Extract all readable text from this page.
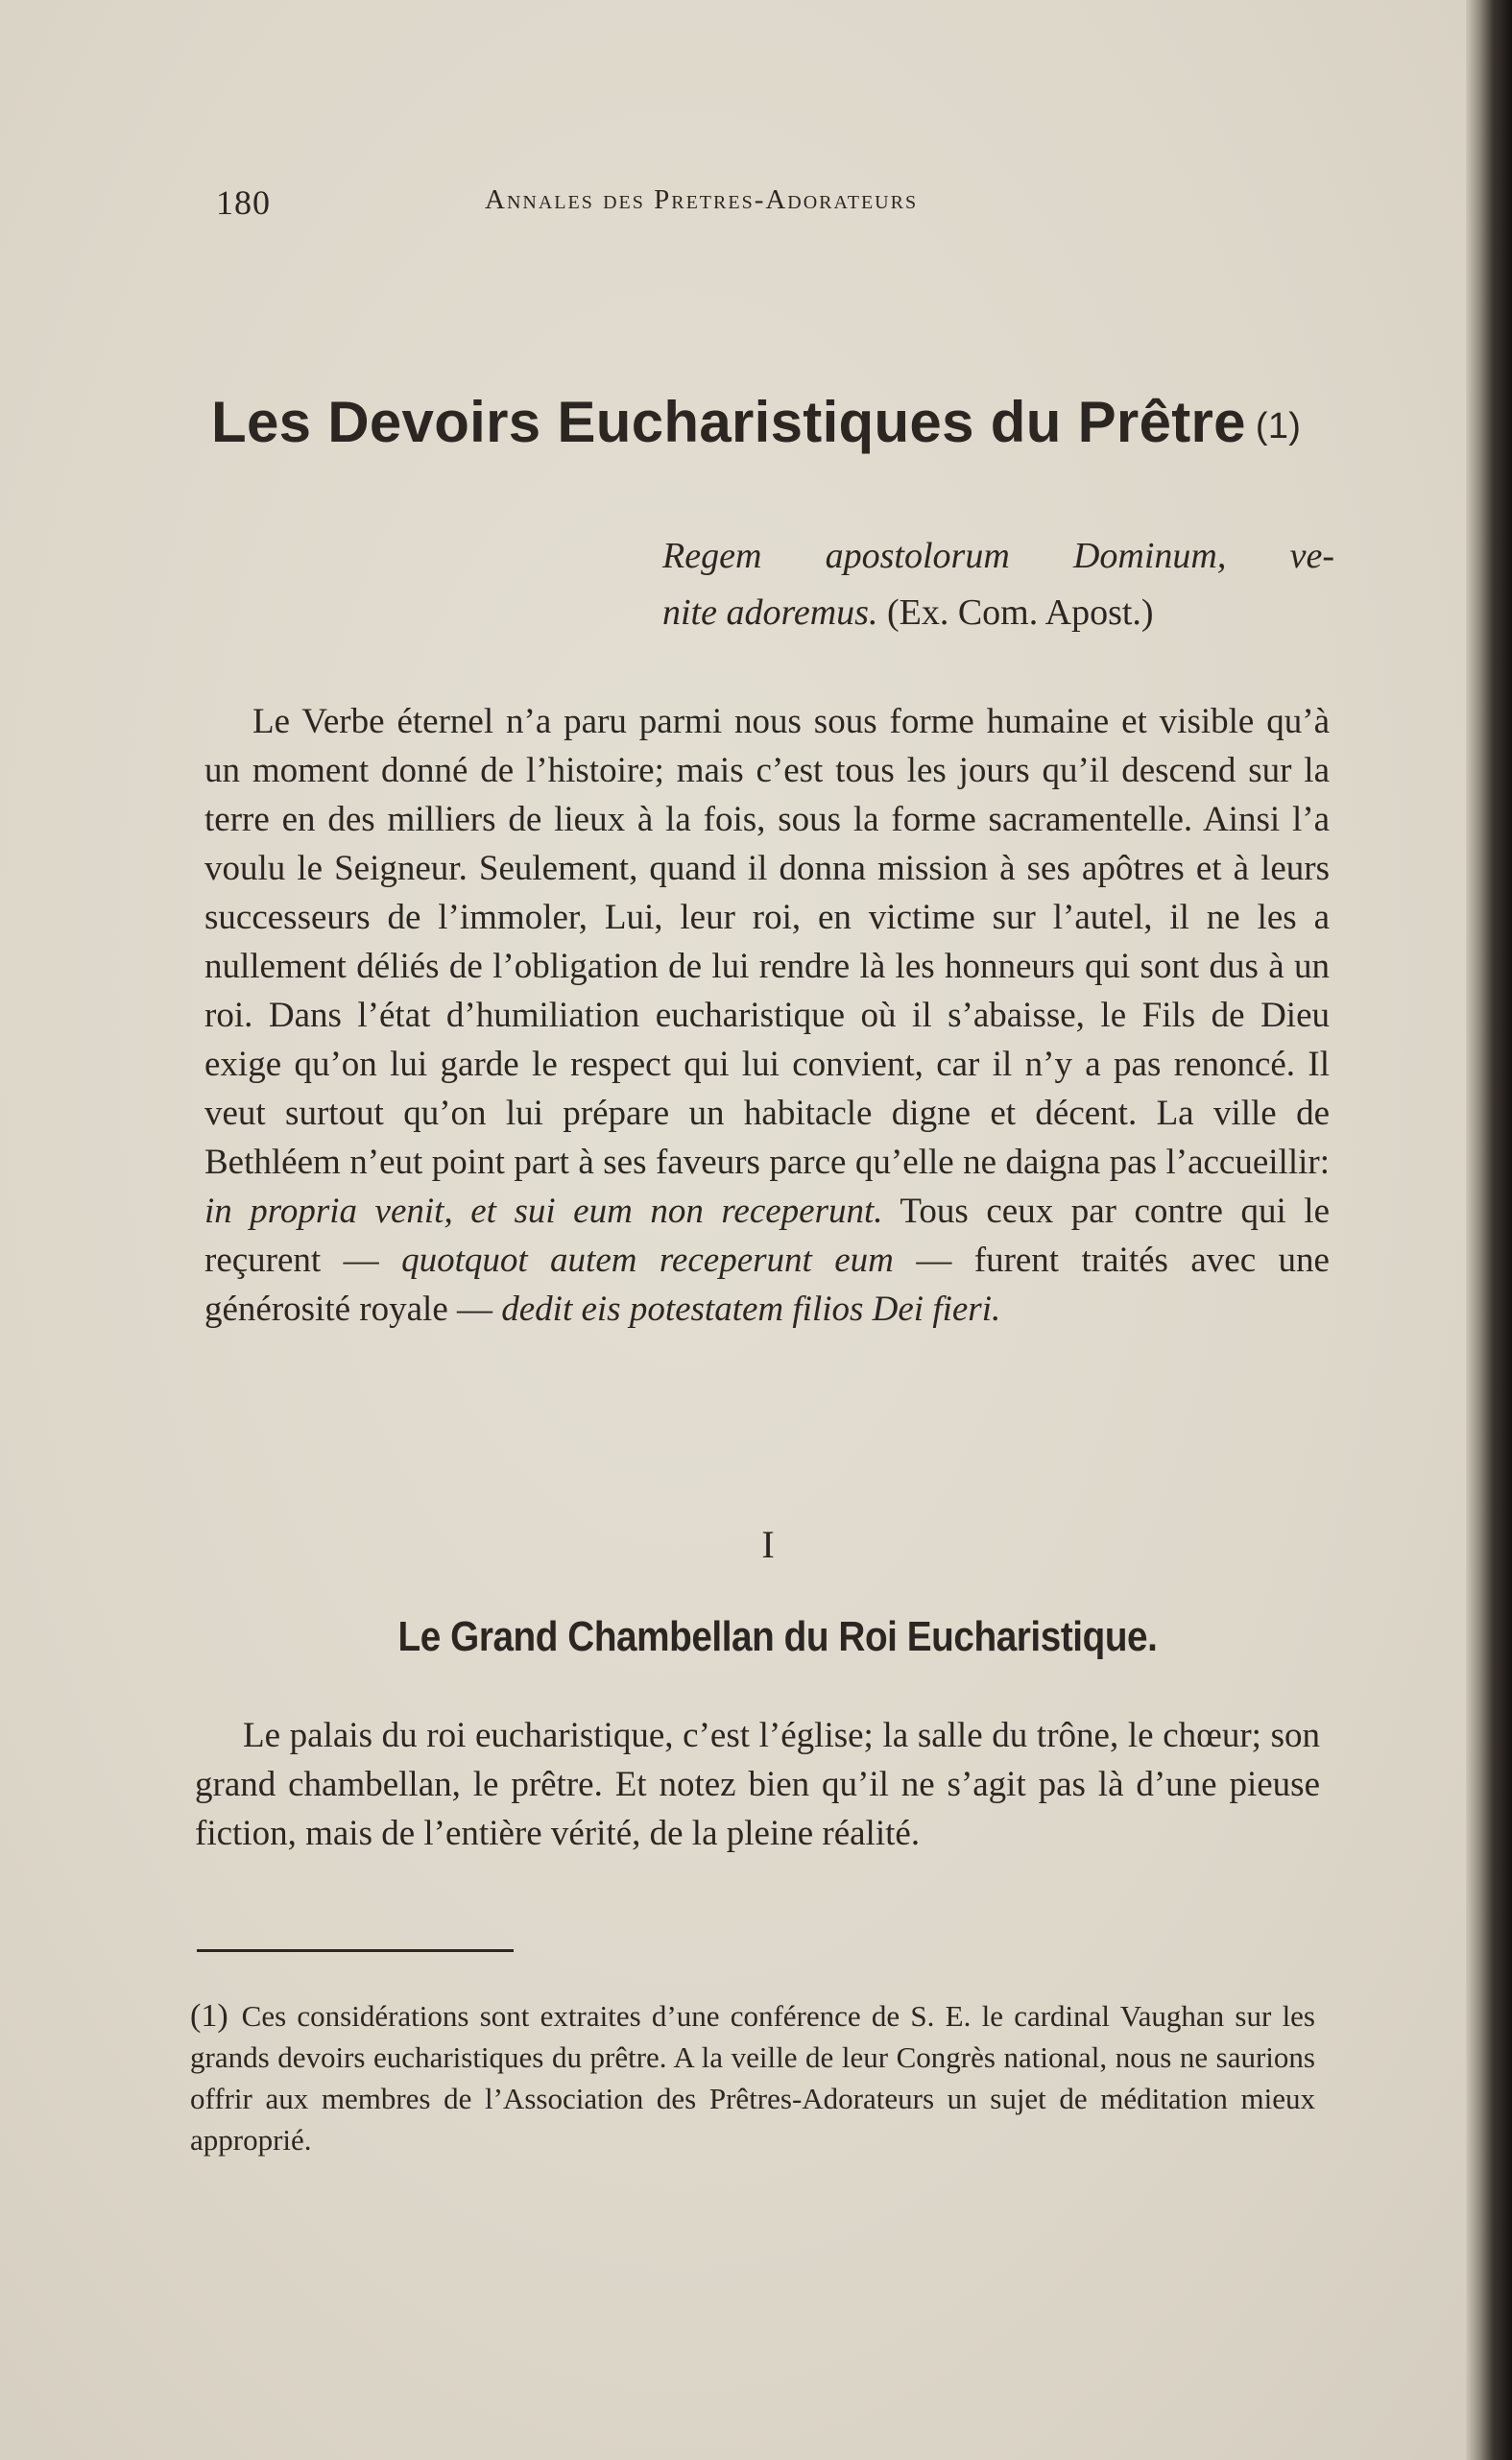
180	Annales des Pretres-Adorateurs
Les Devoirs Eucharistiques du Prêtre (1)
Regem apostolorum Dominum, ve-
nite adoremus. (Ex. Com. Apost.)
Le Verbe éternel n’a paru parmi nous sous forme humaine et visible qu’à un moment donné de l’histoire; mais c’est tous les jours qu’il descend sur la terre en des milliers de lieux à la fois, sous la forme sacramentelle. Ainsi l’a voulu le Seigneur. Seulement, quand il donna mission à ses apôtres et à leurs successeurs de l’immoler, Lui, leur roi, en victime sur l’autel, il ne les a nullement déliés de l’obligation de lui rendre là les honneurs qui sont dus à un roi. Dans l’état d’humiliation eucharistique où il s’abaisse, le Fils de Dieu exige qu’on lui garde le respect qui lui convient, car il n’y a pas renoncé. Il veut surtout qu’on lui prépare un habitacle digne et décent. La ville de Bethléem n’eut point part à ses faveurs parce qu’elle ne daigna pas l’accueillir: in propria venit, et sui eum non receperunt. Tous ceux par contre qui le reçurent — quotquot autem receperunt eum — furent traités avec une générosité royale — dedit eis potestatem filios Dei fieri.
I
Le Grand Chambellan du Roi Eucharistique.
Le palais du roi eucharistique, c’est l’église; la salle du trône, le chœur; son grand chambellan, le prêtre. Et notez bien qu’il ne s’agit pas là d’une pieuse fiction, mais de l’entière vérité, de la pleine réalité.
(1) Ces considérations sont extraites d’une conférence de S. E. le cardinal Vaughan sur les grands devoirs eucharistiques du prêtre. A la veille de leur Congrès national, nous ne saurions offrir aux membres de l’Association des Prêtres-Adorateurs un sujet de méditation mieux approprié.
